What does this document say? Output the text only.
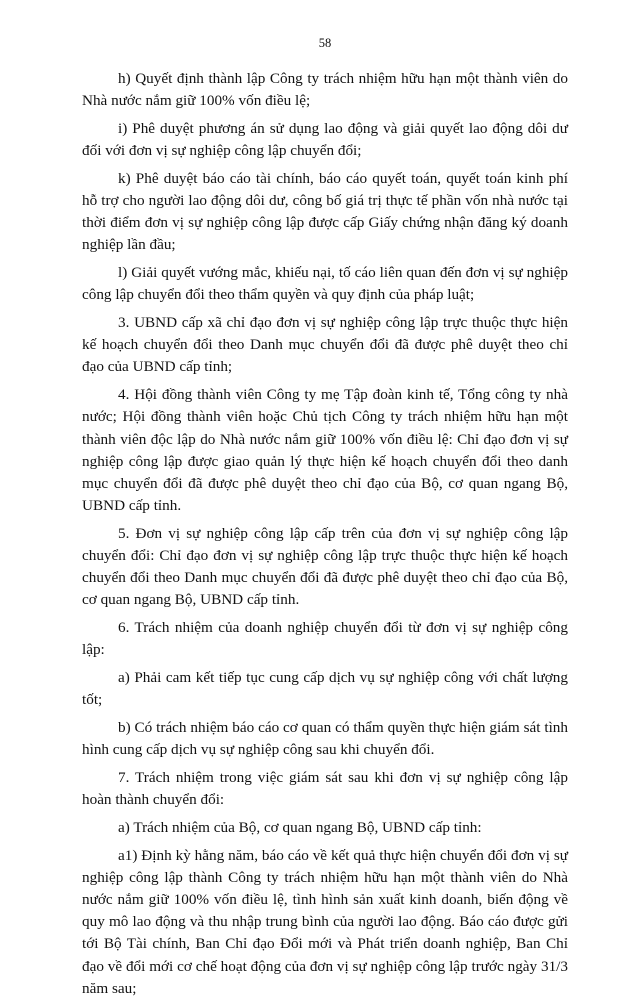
58

h) Quyết định thành lập Công ty trách nhiệm hữu hạn một thành viên do Nhà nước nắm giữ 100% vốn điều lệ;

i) Phê duyệt phương án sử dụng lao động và giải quyết lao động dôi dư đối với đơn vị sự nghiệp công lập chuyển đổi;

k) Phê duyệt báo cáo tài chính, báo cáo quyết toán, quyết toán kinh phí hỗ trợ cho người lao động dôi dư, công bố giá trị thực tế phần vốn nhà nước tại thời điểm đơn vị sự nghiệp công lập được cấp Giấy chứng nhận đăng ký doanh nghiệp lần đầu;

l) Giải quyết vướng mắc, khiếu nại, tố cáo liên quan đến đơn vị sự nghiệp công lập chuyển đổi theo thẩm quyền và quy định của pháp luật;

3. UBND cấp xã chỉ đạo đơn vị sự nghiệp công lập trực thuộc thực hiện kế hoạch chuyển đổi theo Danh mục chuyển đổi đã được phê duyệt theo chỉ đạo của UBND cấp tỉnh;

4. Hội đồng thành viên Công ty mẹ Tập đoàn kinh tế, Tổng công ty nhà nước; Hội đồng thành viên hoặc Chủ tịch Công ty trách nhiệm hữu hạn một thành viên độc lập do Nhà nước nắm giữ 100% vốn điều lệ: Chỉ đạo đơn vị sự nghiệp công lập được giao quản lý thực hiện kế hoạch chuyển đổi theo danh mục chuyển đổi đã được phê duyệt theo chỉ đạo của Bộ, cơ quan ngang Bộ, UBND cấp tỉnh.

5. Đơn vị sự nghiệp công lập cấp trên của đơn vị sự nghiệp công lập chuyển đổi: Chỉ đạo đơn vị sự nghiệp công lập trực thuộc thực hiện kế hoạch chuyển đổi theo Danh mục chuyển đổi đã được phê duyệt theo chỉ đạo của Bộ, cơ quan ngang Bộ, UBND cấp tỉnh.

6. Trách nhiệm của doanh nghiệp chuyển đổi từ đơn vị sự nghiệp công lập:

a) Phải cam kết tiếp tục cung cấp dịch vụ sự nghiệp công với chất lượng tốt;

b) Có trách nhiệm báo cáo cơ quan có thẩm quyền thực hiện giám sát tình hình cung cấp dịch vụ sự nghiệp công sau khi chuyển đổi.

7. Trách nhiệm trong việc giám sát sau khi đơn vị sự nghiệp công lập hoàn thành chuyển đổi:

a) Trách nhiệm của Bộ, cơ quan ngang Bộ, UBND cấp tỉnh:

a1) Định kỳ hằng năm, báo cáo về kết quả thực hiện chuyển đổi đơn vị sự nghiệp công lập thành Công ty trách nhiệm hữu hạn một thành viên do Nhà nước nắm giữ 100% vốn điều lệ, tình hình sản xuất kinh doanh, biến động về quy mô lao động và thu nhập trung bình của người lao động. Báo cáo được gửi tới Bộ Tài chính, Ban Chỉ đạo Đổi mới và Phát triển doanh nghiệp, Ban Chỉ đạo về đổi mới cơ chế hoạt động của đơn vị sự nghiệp công lập trước ngày 31/3 năm sau;
